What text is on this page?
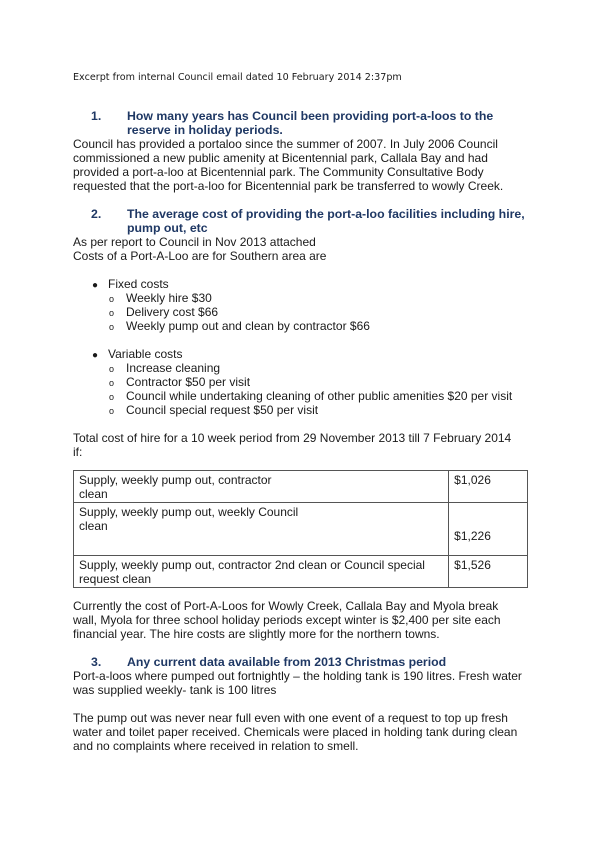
Excerpt from internal Council email dated 10 February 2014 2:37pm
1. How many years has Council been providing port-a-loos to the
reserve in holiday periods.
Council has provided a portaloo since the summer of 2007. In July 2006 Council
commissioned a new public amenity at Bicentennial park, Callala Bay and had
provided a port-a-loo at Bicentennial park. The Community Consultative Body
requested that the port-a-loo for Bicentennial park be transferred to wowly Creek.
2. The average cost of providing the port-a-loo facilities including hire,
pump out, etc
As per report to Council in Nov 2013 attached
Costs of a Port-A-Loo are for Southern area are
● Fixed costs
o Weekly hire $30
o Delivery cost $66
o Weekly pump out and clean by contractor $66
● Variable costs
o Increase cleaning
o Contractor $50 per visit
o Council while undertaking cleaning of other public amenities $20 per visit
o Council special request $50 per visit
Total cost of hire for a 10 week period from 29 November 2013 till 7 February 2014
if:
Supply, weekly pump out, contractor
clean	$1,026
Supply, weekly pump out, weekly Council
clean	$1,226
Supply, weekly pump out, contractor 2nd clean or Council special
request clean	$1,526
Currently the cost of Port-A-Loos for Wowly Creek, Callala Bay and Myola break
wall, Myola for three school holiday periods except winter is $2,400 per site each
financial year. The hire costs are slightly more for the northern towns.
3. Any current data available from 2013 Christmas period
Port-a-loos where pumped out fortnightly – the holding tank is 190 litres. Fresh water
was supplied weekly- tank is 100 litres
The pump out was never near full even with one event of a request to top up fresh
water and toilet paper received. Chemicals were placed in holding tank during clean
and no complaints where received in relation to smell.
